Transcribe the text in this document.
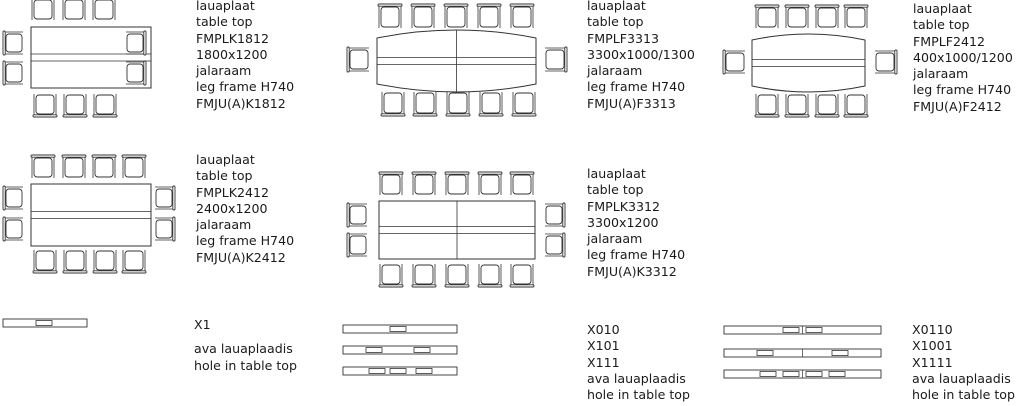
lauaplaat
table top
FMPLK1812
1800x1200
jalaraam
leg frame H740
FMJU(A)K1812
lauaplaat
table top
FMPLF3313
3300x1000/1300
jalaraam
leg frame H740
FMJU(A)F3313
lauaplaat
table top
FMPLF2412
400x1000/1200
jalaraam
leg frame H740
FMJU(A)F2412
lauaplaat
table top
FMPLK2412
2400x1200
jalaraam
leg frame H740
FMJU(A)K2412
lauaplaat
table top
FMPLK3312
3300x1200
jalaraam
leg frame H740
FMJU(A)K3312
X1
ava lauaplaadis
hole in table top
X010
X101
X111
ava lauaplaadis
hole in table top
X0110
X1001
X1111
ava lauaplaadis
hole in table top
